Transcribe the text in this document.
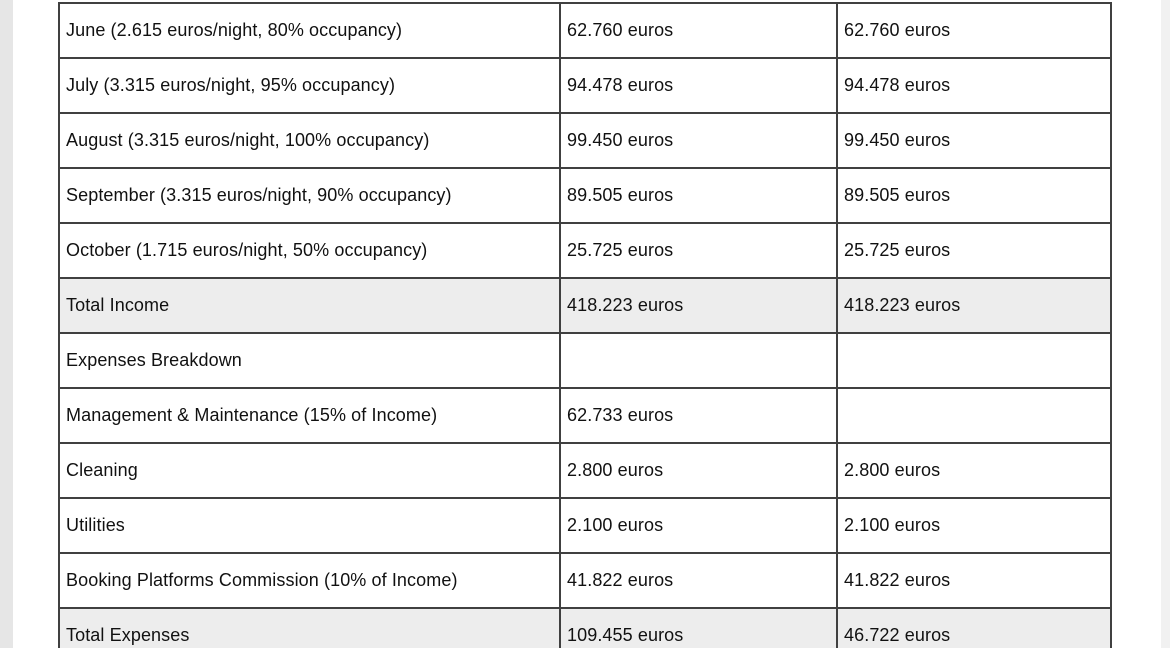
June (2.615 euros/night, 80% occupancy)	62.760 euros	62.760 euros
July (3.315 euros/night, 95% occupancy)	94.478 euros	94.478 euros
August (3.315 euros/night, 100% occupancy)	99.450 euros	99.450 euros
September (3.315 euros/night, 90% occupancy)	89.505 euros	89.505 euros
October (1.715 euros/night, 50% occupancy)	25.725 euros	25.725 euros
Total Income	418.223 euros	418.223 euros
Expenses Breakdown		
Management & Maintenance (15% of Income)	62.733 euros	
Cleaning	2.800 euros	2.800 euros
Utilities	2.100 euros	2.100 euros
Booking Platforms Commission (10% of Income)	41.822 euros	41.822 euros
Total Expenses	109.455 euros	46.722 euros
